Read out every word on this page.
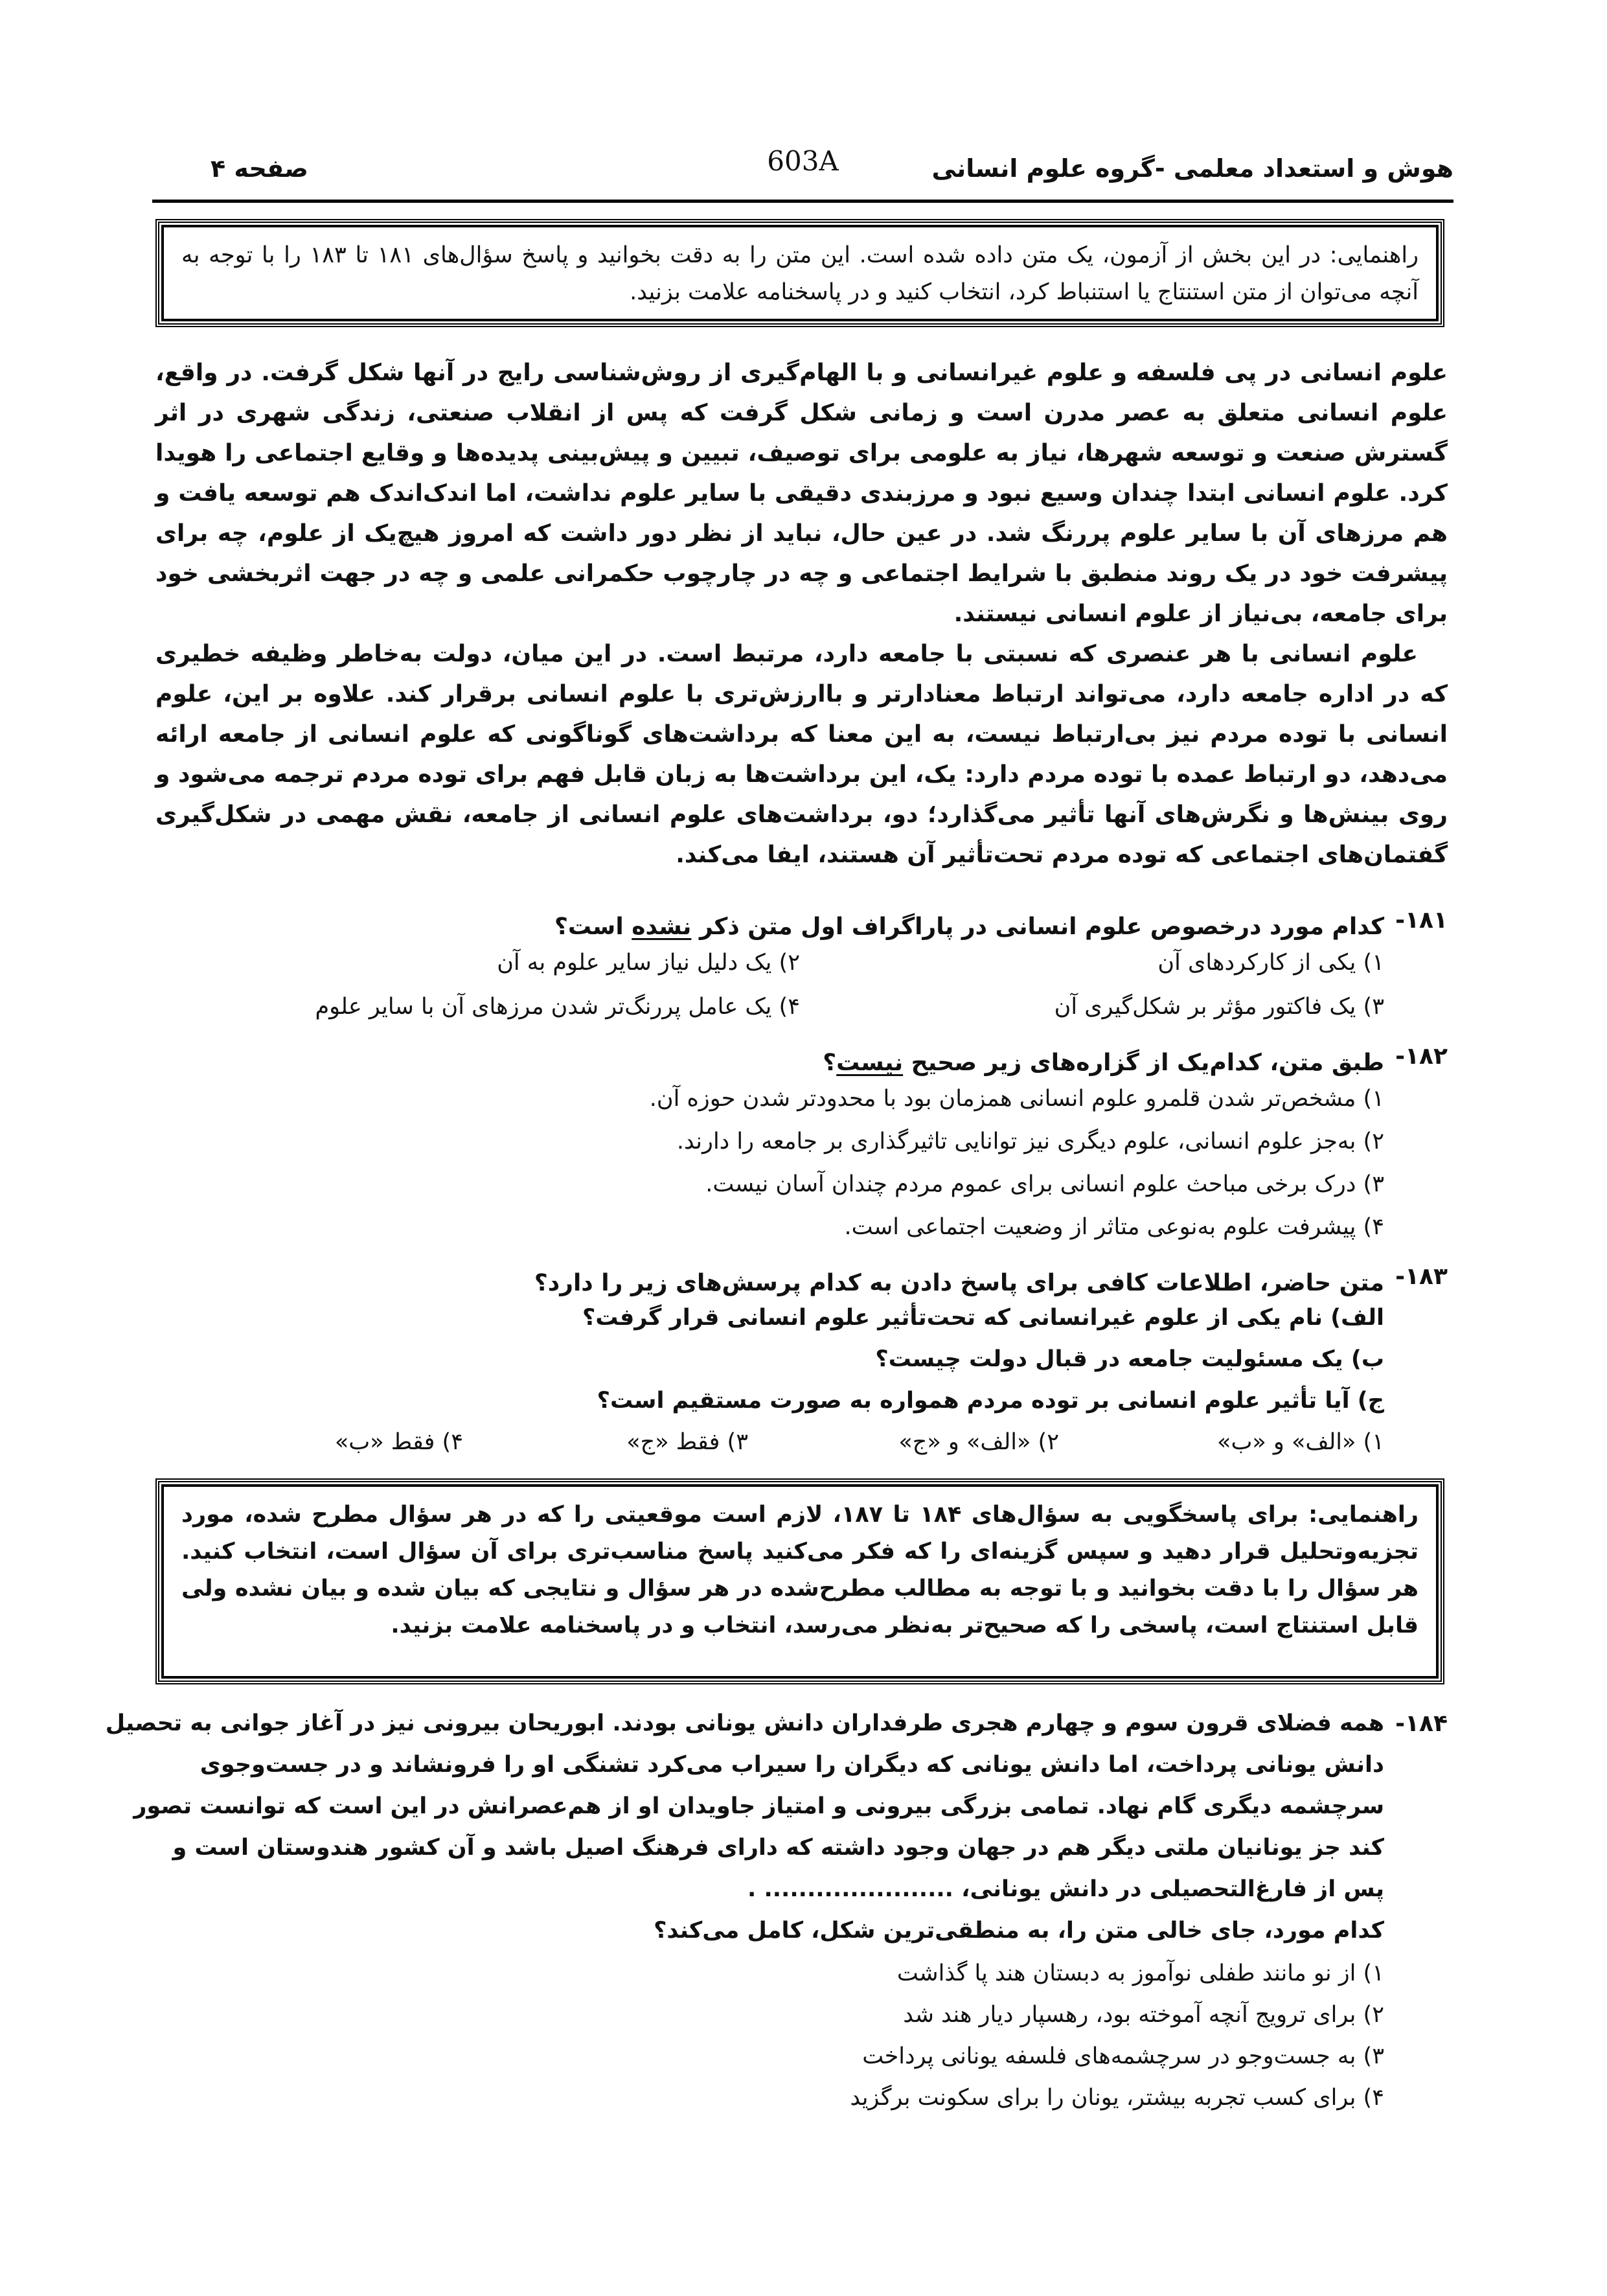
هوش و استعداد معلمی -گروه علوم انسانی
603A
صفحه ۴

راهنمایی: در این بخش از آزمون، یک متن داده شده است. این متن را به دقت بخوانید و پاسخ سؤال‌های ۱۸۱ تا ۱۸۳ را با توجه به آنچه می‌توان از متن استنتاج یا استنباط کرد، انتخاب کنید و در پاسخنامه علامت بزنید.

علوم انسانی در پی فلسفه و علوم غیرانسانی و با الهام‌گیری از روش‌شناسی رایج در آنها شکل گرفت. در واقع، علوم انسانی متعلق به عصر مدرن است و زمانی شکل گرفت که پس از انقلاب صنعتی، زندگی شهری در اثر گسترش صنعت و توسعه شهرها، نیاز به علومی برای توصیف، تبیین و پیش‌بینی پدیده‌ها و وقایع اجتماعی را هویدا کرد. علوم انسانی ابتدا چندان وسیع نبود و مرزبندی دقیقی با سایر علوم نداشت، اما اندک‌اندک هم توسعه یافت و هم مرزهای آن با سایر علوم پررنگ شد. در عین حال، نباید از نظر دور داشت که امروز هیچ‌یک از علوم، چه برای پیشرفت خود در یک روند منطبق با شرایط اجتماعی و چه در چارچوب حکمرانی علمی و چه در جهت اثربخشی خود برای جامعه، بی‌نیاز از علوم انسانی نیستند.

علوم انسانی با هر عنصری که نسبتی با جامعه دارد، مرتبط است. در این میان، دولت به‌خاطر وظیفه خطیری که در اداره جامعه دارد، می‌تواند ارتباط معنادارتر و باارزش‌تری با علوم انسانی برقرار کند. علاوه بر این، علوم انسانی با توده مردم نیز بی‌ارتباط نیست، به این معنا که برداشت‌های گوناگونی که علوم انسانی از جامعه ارائه می‌دهد، دو ارتباط عمده با توده مردم دارد: یک، این برداشت‌ها به زبان قابل فهم برای توده مردم ترجمه می‌شود و روی بینش‌ها و نگرش‌های آنها تأثیر می‌گذارد؛ دو، برداشت‌های علوم انسانی از جامعه، نقش مهمی در شکل‌گیری گفتمان‌های اجتماعی که توده مردم تحت‌تأثیر آن هستند، ایفا می‌کند.

۱۸۱-
کدام مورد درخصوص علوم انسانی در پاراگراف اول متن ذکر نشده است؟
۱) یکی از کارکردهای آن
۲) یک دلیل نیاز سایر علوم به آن
۳) یک فاکتور مؤثر بر شکل‌گیری آن
۴) یک عامل پررنگ‌تر شدن مرزهای آن با سایر علوم
۱۸۲-
طبق متن، کدام‌یک از گزاره‌های زیر صحیح نیست؟
۱) مشخص‌تر شدن قلمرو علوم انسانی همزمان بود با محدودتر شدن حوزه آن.
۲) به‌جز علوم انسانی، علوم دیگری نیز توانایی تاثیرگذاری بر جامعه را دارند.
۳) درک برخی مباحث علوم انسانی برای عموم مردم چندان آسان نیست.
۴) پیشرفت علوم به‌نوعی متاثر از وضعیت اجتماعی است.
۱۸۳-
متن حاضر، اطلاعات کافی برای پاسخ دادن به کدام پرسش‌های زیر را دارد؟
الف) نام یکی از علوم غیرانسانی که تحت‌تأثیر علوم انسانی قرار گرفت؟
ب) یک مسئولیت جامعه در قبال دولت چیست؟
ج) آیا تأثیر علوم انسانی بر توده مردم همواره به صورت مستقیم است؟
۱) «الف» و «ب»
۲) «الف» و «ج»
۳) فقط «ج»
۴) فقط «ب»

راهنمایی: برای پاسخگویی به سؤال‌های ۱۸۴ تا ۱۸۷، لازم است موقعیتی را که در هر سؤال مطرح شده، مورد تجزیه‌وتحلیل قرار دهید و سپس گزینه‌ای را که فکر می‌کنید پاسخ مناسب‌تری برای آن سؤال است، انتخاب کنید. هر سؤال را با دقت بخوانید و با توجه به مطالب مطرح‌شده در هر سؤال و نتایجی که بیان شده و بیان نشده ولی قابل استنتاج است، پاسخی را که صحیح‌تر به‌نظر می‌رسد، انتخاب و در پاسخنامه علامت بزنید.

۱۸۴-
همه فضلای قرون سوم و چهارم هجری طرفداران دانش یونانی بودند. ابوریحان بیرونی نیز در آغاز جوانی به تحصیل
دانش یونانی پرداخت، اما دانش یونانی که دیگران را سیراب می‌کرد تشنگی او را فرونشاند و در جست‌وجوی
سرچشمه دیگری گام نهاد. تمامی بزرگی بیرونی و امتیاز جاویدان او از هم‌عصرانش در این است که توانست تصور
کند جز یونانیان ملتی دیگر هم در جهان وجود داشته که دارای فرهنگ اصیل باشد و آن کشور هندوستان است و
پس از فارغ‌التحصیلی در دانش یونانی، ...................... .
کدام مورد، جای خالی متن را، به منطقی‌ترین شکل، کامل می‌کند؟
۱) از نو مانند طفلی نوآموز به دبستان هند پا گذاشت
۲) برای ترویج آنچه آموخته بود، رهسپار دیار هند شد
۳) به جست‌وجو در سرچشمه‌های فلسفه یونانی پرداخت
۴) برای کسب تجربه بیشتر، یونان را برای سکونت برگزید
